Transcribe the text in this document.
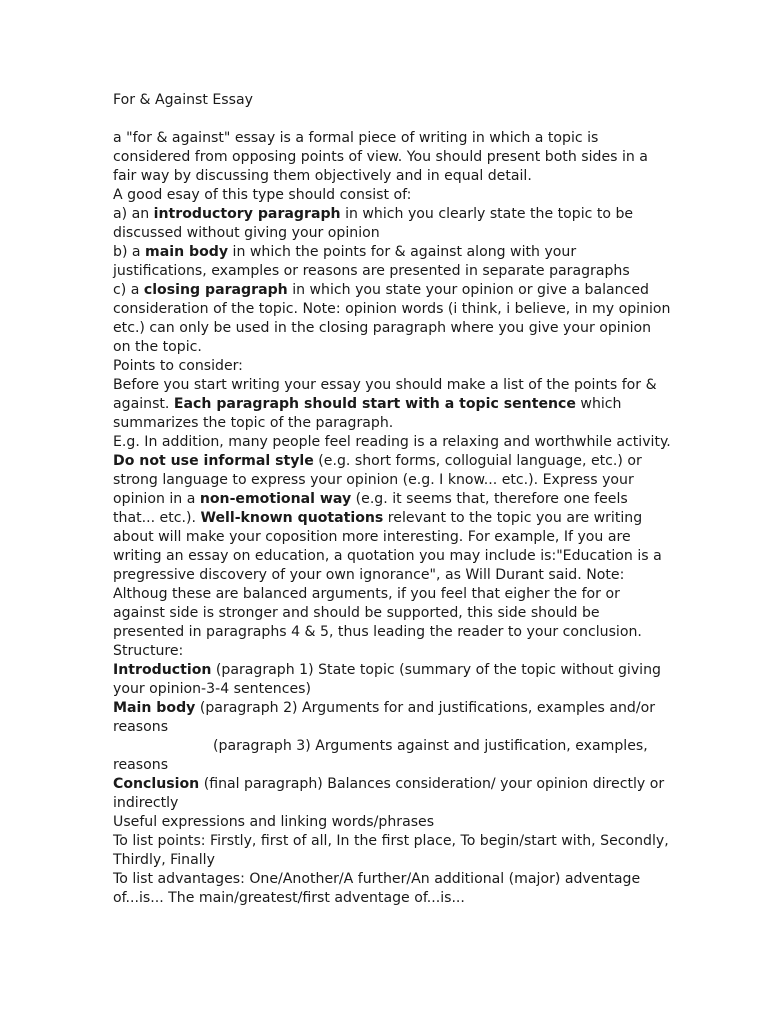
For & Against Essay

a "for & against" essay is a formal piece of writing in which a topic is considered from opposing points of view. You should present both sides in a fair way by discussing them objectively and in equal detail.

A good esay of this type should consist of:

a) an introductory paragraph in which you clearly state the topic to be discussed without giving your opinion

b) a main body in which the points for & against along with your justifications, examples or reasons are presented in separate paragraphs

c) a closing paragraph in which you state your opinion or give a balanced consideration of the topic. Note: opinion words (i think, i believe, in my opinion etc.) can only be used in the closing paragraph where you give your opinion on the topic.

Points to consider:

Before you start writing your essay you should make a list of the points for & against. Each paragraph should start with a topic sentence which summarizes the topic of the paragraph.

E.g. In addition, many people feel reading is a relaxing and worthwhile activity.

Do not use informal style (e.g. short forms, colloguial language, etc.) or strong language to express your opinion (e.g. I know... etc.). Express your opinion in a non-emotional way (e.g. it seems that, therefore one feels that... etc.). Well-known quotations relevant to the topic you are writing about will make your coposition more interesting. For example, If you are writing an essay on education, a quotation you may include is:"Education is a pregressive discovery of your own ignorance", as Will Durant said. Note: Althoug these are balanced arguments, if you feel that eigher the for or against side is stronger and should be supported, this side should be presented in paragraphs 4 & 5, thus leading the reader to your conclusion.

Structure:

Introduction (paragraph 1) State topic (summary of the topic without giving your opinion-3-4 sentences)

Main body (paragraph 2) Arguments for and justifications, examples and/or reasons

(paragraph 3) Arguments against and justification, examples,

reasons

Conclusion (final paragraph) Balances consideration/ your opinion directly or indirectly

Useful expressions and linking words/phrases

To list points: Firstly, first of all, In the first place, To begin/start with, Secondly, Thirdly, Finally

To list advantages: One/Another/A further/An additional (major) adventage of...is... The main/greatest/first adventage of...is...
